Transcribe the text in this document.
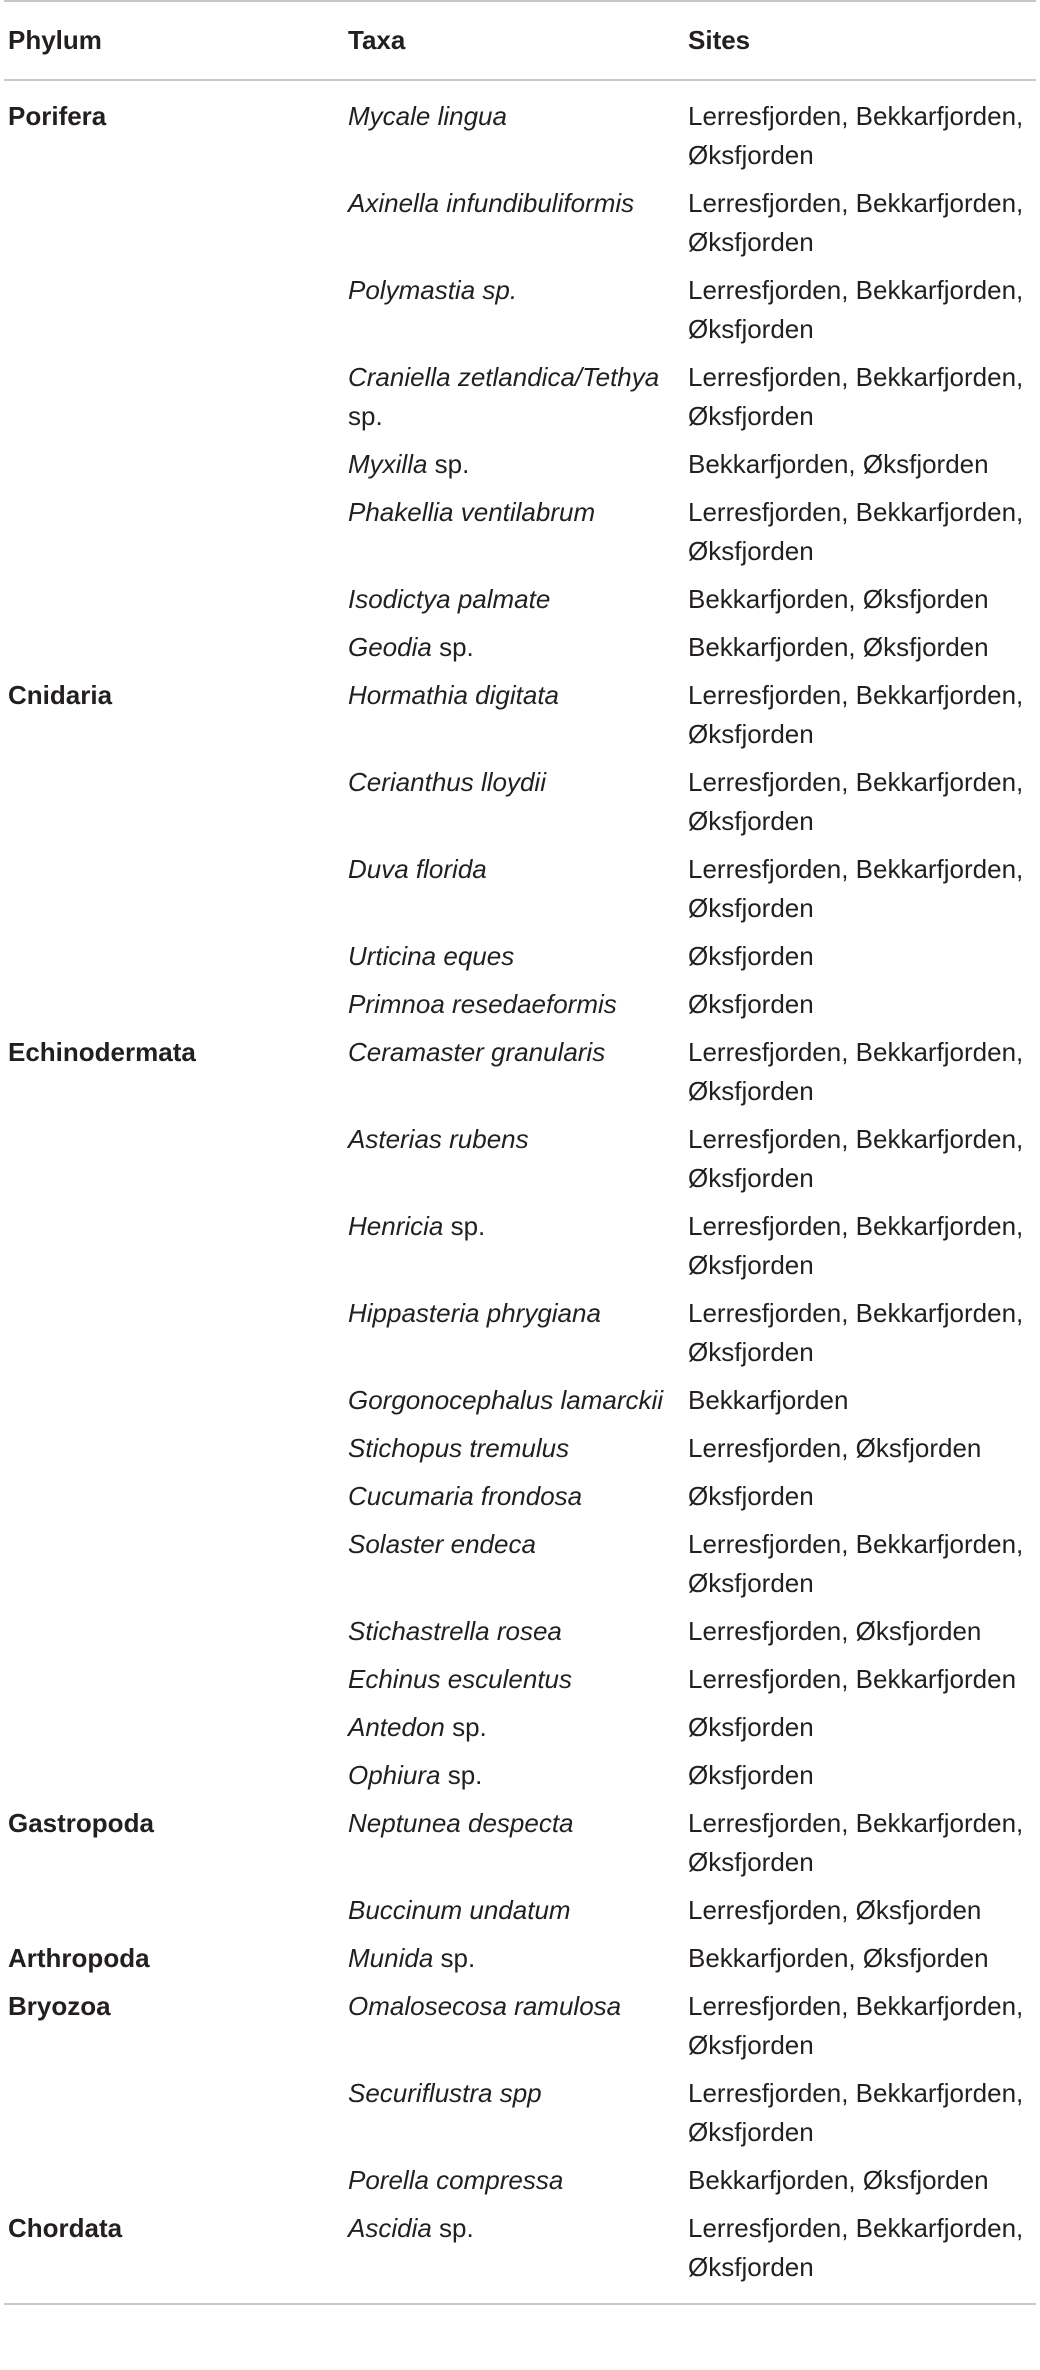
Phylum	Taxa	Sites
Porifera	Mycale lingua	Lerresfjorden, Bekkarfjorden, Øksfjorden
	Axinella infundibuliformis	Lerresfjorden, Bekkarfjorden, Øksfjorden
	Polymastia sp.	Lerresfjorden, Bekkarfjorden, Øksfjorden
	Craniella zetlandica/Tethya sp.	Lerresfjorden, Bekkarfjorden, Øksfjorden
	Myxilla sp.	Bekkarfjorden, Øksfjorden
	Phakellia ventilabrum	Lerresfjorden, Bekkarfjorden, Øksfjorden
	Isodictya palmate	Bekkarfjorden, Øksfjorden
	Geodia sp.	Bekkarfjorden, Øksfjorden
Cnidaria	Hormathia digitata	Lerresfjorden, Bekkarfjorden, Øksfjorden
	Cerianthus lloydii	Lerresfjorden, Bekkarfjorden, Øksfjorden
	Duva florida	Lerresfjorden, Bekkarfjorden, Øksfjorden
	Urticina eques	Øksfjorden
	Primnoa resedaeformis	Øksfjorden
Echinodermata	Ceramaster granularis	Lerresfjorden, Bekkarfjorden, Øksfjorden
	Asterias rubens	Lerresfjorden, Bekkarfjorden, Øksfjorden
	Henricia sp.	Lerresfjorden, Bekkarfjorden, Øksfjorden
	Hippasteria phrygiana	Lerresfjorden, Bekkarfjorden, Øksfjorden
	Gorgonocephalus lamarckii	Bekkarfjorden
	Stichopus tremulus	Lerresfjorden, Øksfjorden
	Cucumaria frondosa	Øksfjorden
	Solaster endeca	Lerresfjorden, Bekkarfjorden, Øksfjorden
	Stichastrella rosea	Lerresfjorden, Øksfjorden
	Echinus esculentus	Lerresfjorden, Bekkarfjorden
	Antedon sp.	Øksfjorden
	Ophiura sp.	Øksfjorden
Gastropoda	Neptunea despecta	Lerresfjorden, Bekkarfjorden, Øksfjorden
	Buccinum undatum	Lerresfjorden, Øksfjorden
Arthropoda	Munida sp.	Bekkarfjorden, Øksfjorden
Bryozoa	Omalosecosa ramulosa	Lerresfjorden, Bekkarfjorden, Øksfjorden
	Securiflustra spp	Lerresfjorden, Bekkarfjorden, Øksfjorden
	Porella compressa	Bekkarfjorden, Øksfjorden
Chordata	Ascidia sp.	Lerresfjorden, Bekkarfjorden, Øksfjorden
